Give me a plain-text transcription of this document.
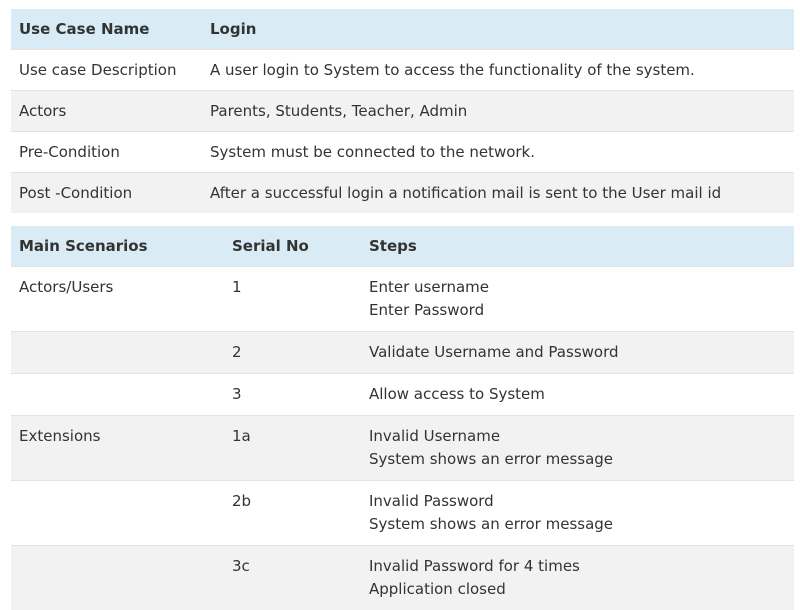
Use Case Name	Login
Use case Description	A user login to System to access the functionality of the system.
Actors	Parents, Students, Teacher, Admin
Pre-Condition	System must be connected to the network.
Post -Condition	After a successful login a notification mail is sent to the User mail id
Main Scenarios	Serial No	Steps
Actors/Users	1	Enter username
Enter Password

	2	Validate Username and Password

	3	Allow access to System

Extensions	1a	Invalid Username
System shows an error message

	2b	Invalid Password
System shows an error message

	3c	Invalid Password for 4 times
Application closed
